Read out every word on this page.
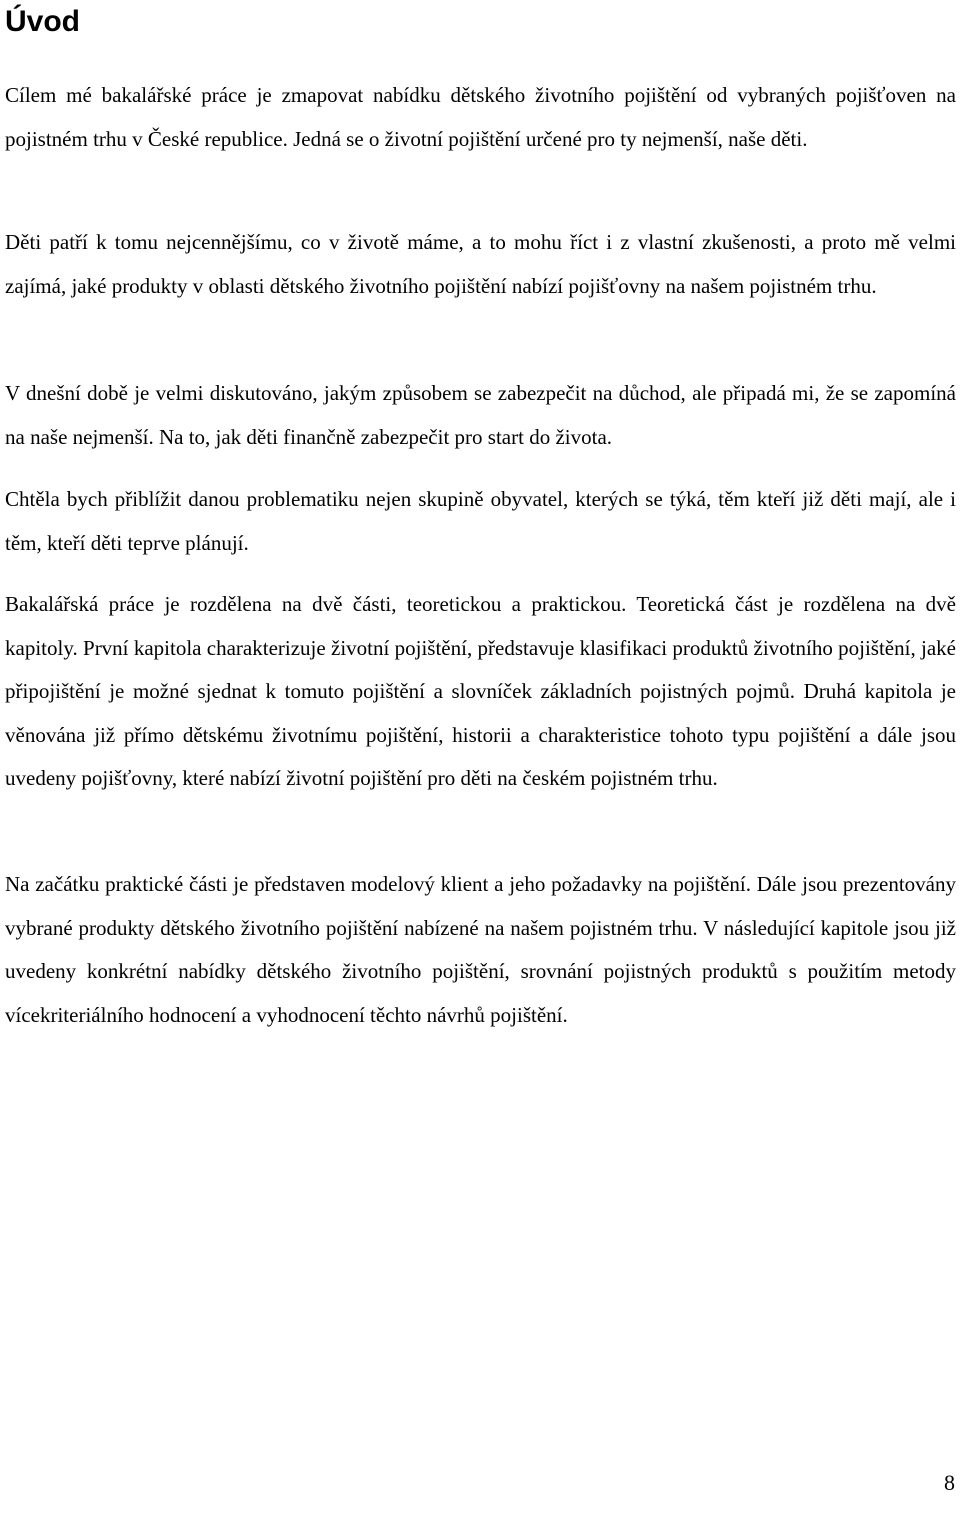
Úvod

Cílem mé bakalářské práce je zmapovat nabídku dětského životního pojištění od vybraných pojišťoven na pojistném trhu v České republice. Jedná se o životní pojištění určené pro ty nejmenší, naše děti.

Děti patří k tomu nejcennějšímu, co v životě máme, a to mohu říct i z vlastní zkušenosti, a proto mě velmi zajímá, jaké produkty v oblasti dětského životního pojištění nabízí pojišťovny na našem pojistném trhu.

V dnešní době je velmi diskutováno, jakým způsobem se zabezpečit na důchod, ale připadá mi, že se zapomíná na naše nejmenší. Na to, jak děti finančně zabezpečit pro start do života.

Chtěla bych přiblížit danou problematiku nejen skupině obyvatel, kterých se týká, těm kteří již děti mají, ale i těm, kteří děti teprve plánují.

Bakalářská práce je rozdělena na dvě části, teoretickou a praktickou. Teoretická část je rozdělena na dvě kapitoly. První kapitola charakterizuje životní pojištění, představuje klasifikaci produktů životního pojištění, jaké připojištění je možné sjednat k tomuto pojištění a slovníček základních pojistných pojmů. Druhá kapitola je věnována již přímo dětskému životnímu pojištění, historii a charakteristice tohoto typu pojištění a dále jsou uvedeny pojišťovny, které nabízí životní pojištění pro děti na českém pojistném trhu.

Na začátku praktické části je představen modelový klient a jeho požadavky na pojištění. Dále jsou prezentovány vybrané produkty dětského životního pojištění nabízené na našem pojistném trhu. V následující kapitole jsou již uvedeny konkrétní nabídky dětského životního pojištění, srovnání pojistných produktů s použitím metody vícekriteriálního hodnocení a vyhodnocení těchto návrhů pojištění.

8
